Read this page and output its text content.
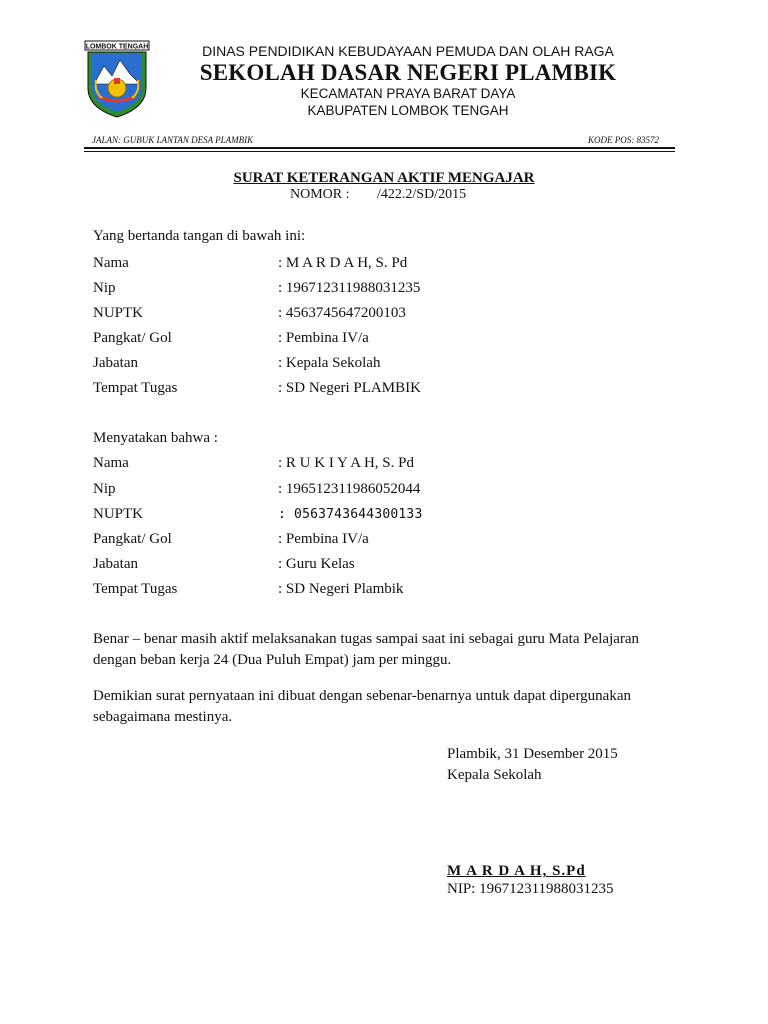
LOMBOK TENGAH	DINAS PENDIDIKAN KEBUDAYAAN PEMUDA DAN OLAH RAGA
SEKOLAH DASAR NEGERI PLAMBIK
KECAMATAN PRAYA BARAT DAYA
KABUPATEN LOMBOK TENGAH
JALAN: GUBUK LANTAN DESA PLAMBIK	KODE POS: 83572
SURAT KETERANGAN AKTIF MENGAJAR
NOMOR : /422.2/SD/2015
Yang bertanda tangan di bawah ini:
Nama	: M A R D A H, S. Pd
Nip	: 196712311988031235
NUPTK	: 4563745647200103
Pangkat/ Gol	: Pembina IV/a
Jabatan	: Kepala Sekolah
Tempat Tugas	: SD Negeri PLAMBIK
Menyatakan bahwa :
Nama	: R U K I Y A H, S. Pd
Nip	: 196512311986052044
NUPTK	: 0563743644300133
Pangkat/ Gol	: Pembina IV/a
Jabatan	: Guru Kelas
Tempat Tugas	: SD Negeri Plambik
Benar – benar masih aktif melaksanakan tugas sampai saat ini sebagai guru Mata Pelajaran
dengan beban kerja 24 (Dua Puluh Empat) jam per minggu.
Demikian surat pernyataan ini dibuat dengan sebenar-benarnya untuk dapat dipergunakan
sebagaimana mestinya.
Plambik, 31 Desember 2015
Kepala Sekolah
M A R D A H, S.Pd
NIP: 196712311988031235
